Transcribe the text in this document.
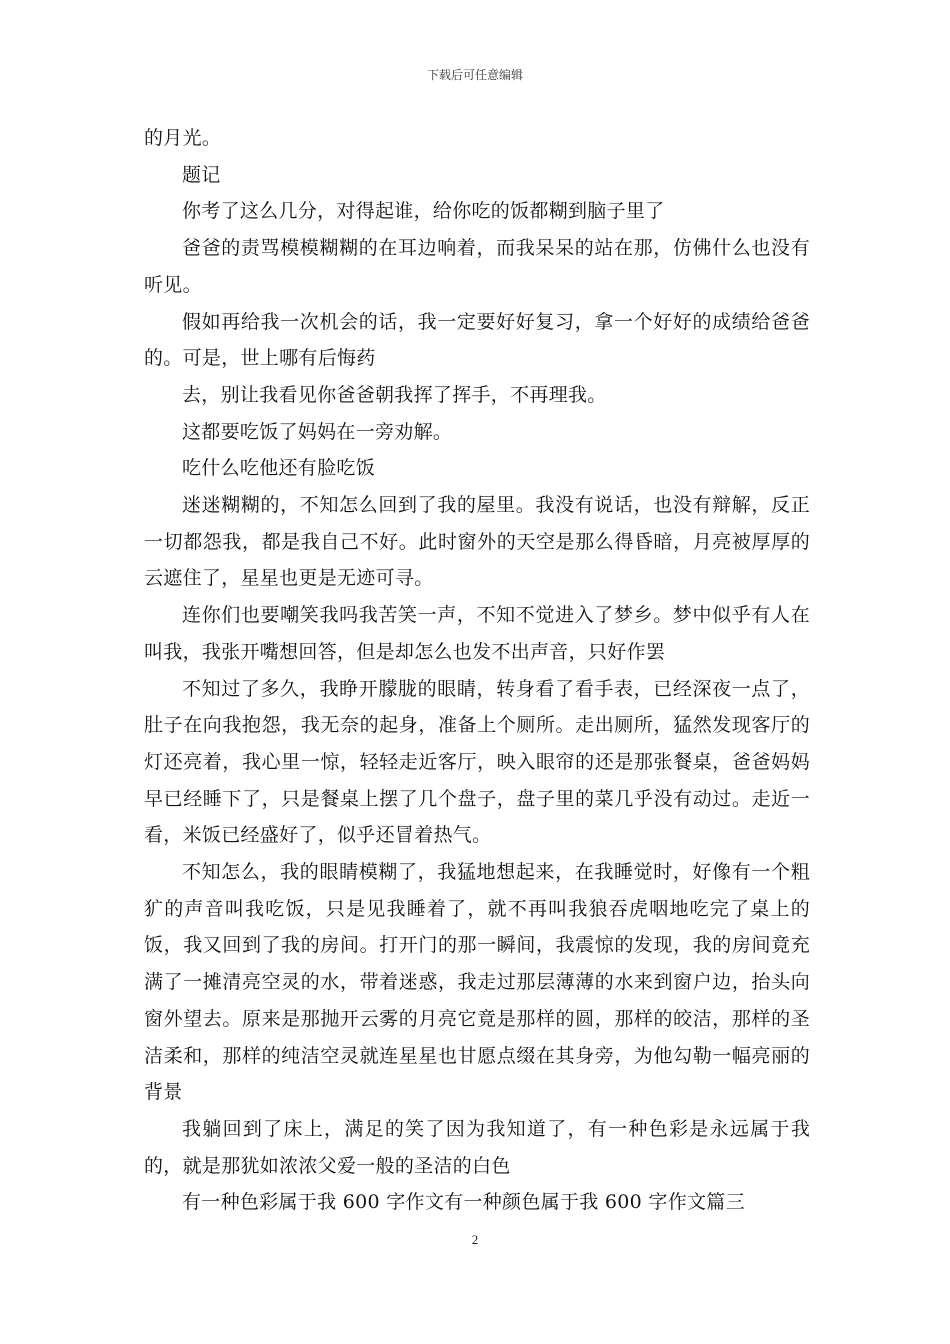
下载后可任意编辑

的月光。

题记

你考了这么几分，对得起谁，给你吃的饭都糊到脑子里了

爸爸的责骂模模糊糊的在耳边响着，而我呆呆的站在那，仿佛什么也没有听见。

假如再给我一次机会的话，我一定要好好复习，拿一个好好的成绩给爸爸的。可是，世上哪有后悔药

去，别让我看见你爸爸朝我挥了挥手，不再理我。

这都要吃饭了妈妈在一旁劝解。

吃什么吃他还有脸吃饭

迷迷糊糊的，不知怎么回到了我的屋里。我没有说话，也没有辩解，反正一切都怨我，都是我自己不好。此时窗外的天空是那么得昏暗，月亮被厚厚的云遮住了，星星也更是无迹可寻。

连你们也要嘲笑我吗我苦笑一声，不知不觉进入了梦乡。梦中似乎有人在叫我，我张开嘴想回答，但是却怎么也发不出声音，只好作罢

不知过了多久，我睁开朦胧的眼睛，转身看了看手表，已经深夜一点了，肚子在向我抱怨，我无奈的起身，准备上个厕所。走出厕所，猛然发现客厅的灯还亮着，我心里一惊，轻轻走近客厅，映入眼帘的还是那张餐桌，爸爸妈妈早已经睡下了，只是餐桌上摆了几个盘子，盘子里的菜几乎没有动过。走近一看，米饭已经盛好了，似乎还冒着热气。

不知怎么，我的眼睛模糊了，我猛地想起来，在我睡觉时，好像有一个粗犷的声音叫我吃饭，只是见我睡着了，就不再叫我狼吞虎咽地吃完了桌上的饭，我又回到了我的房间。打开门的那一瞬间，我震惊的发现，我的房间竟充满了一摊清亮空灵的水，带着迷惑，我走过那层薄薄的水来到窗户边，抬头向窗外望去。原来是那抛开云雾的月亮它竟是那样的圆，那样的皎洁，那样的圣洁柔和，那样的纯洁空灵就连星星也甘愿点缀在其身旁，为他勾勒一幅亮丽的背景

我躺回到了床上，满足的笑了因为我知道了，有一种色彩是永远属于我的，就是那犹如浓浓父爱一般的圣洁的白色

有一种色彩属于我 600 字作文有一种颜色属于我 600 字作文篇三

2
